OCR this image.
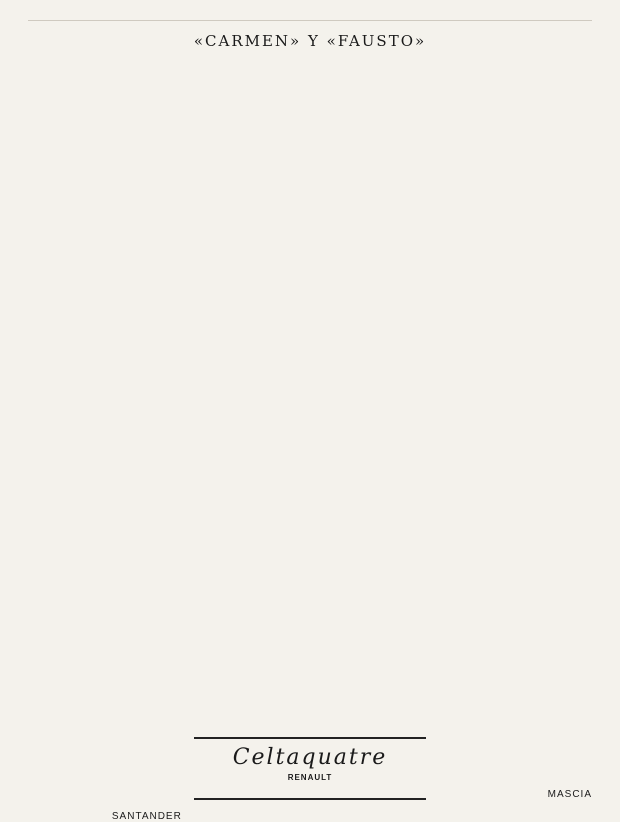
SANTANDER
«CARMEN» Y «FAUSTO»

Celtaquatre
RENAULT

MASCIA
